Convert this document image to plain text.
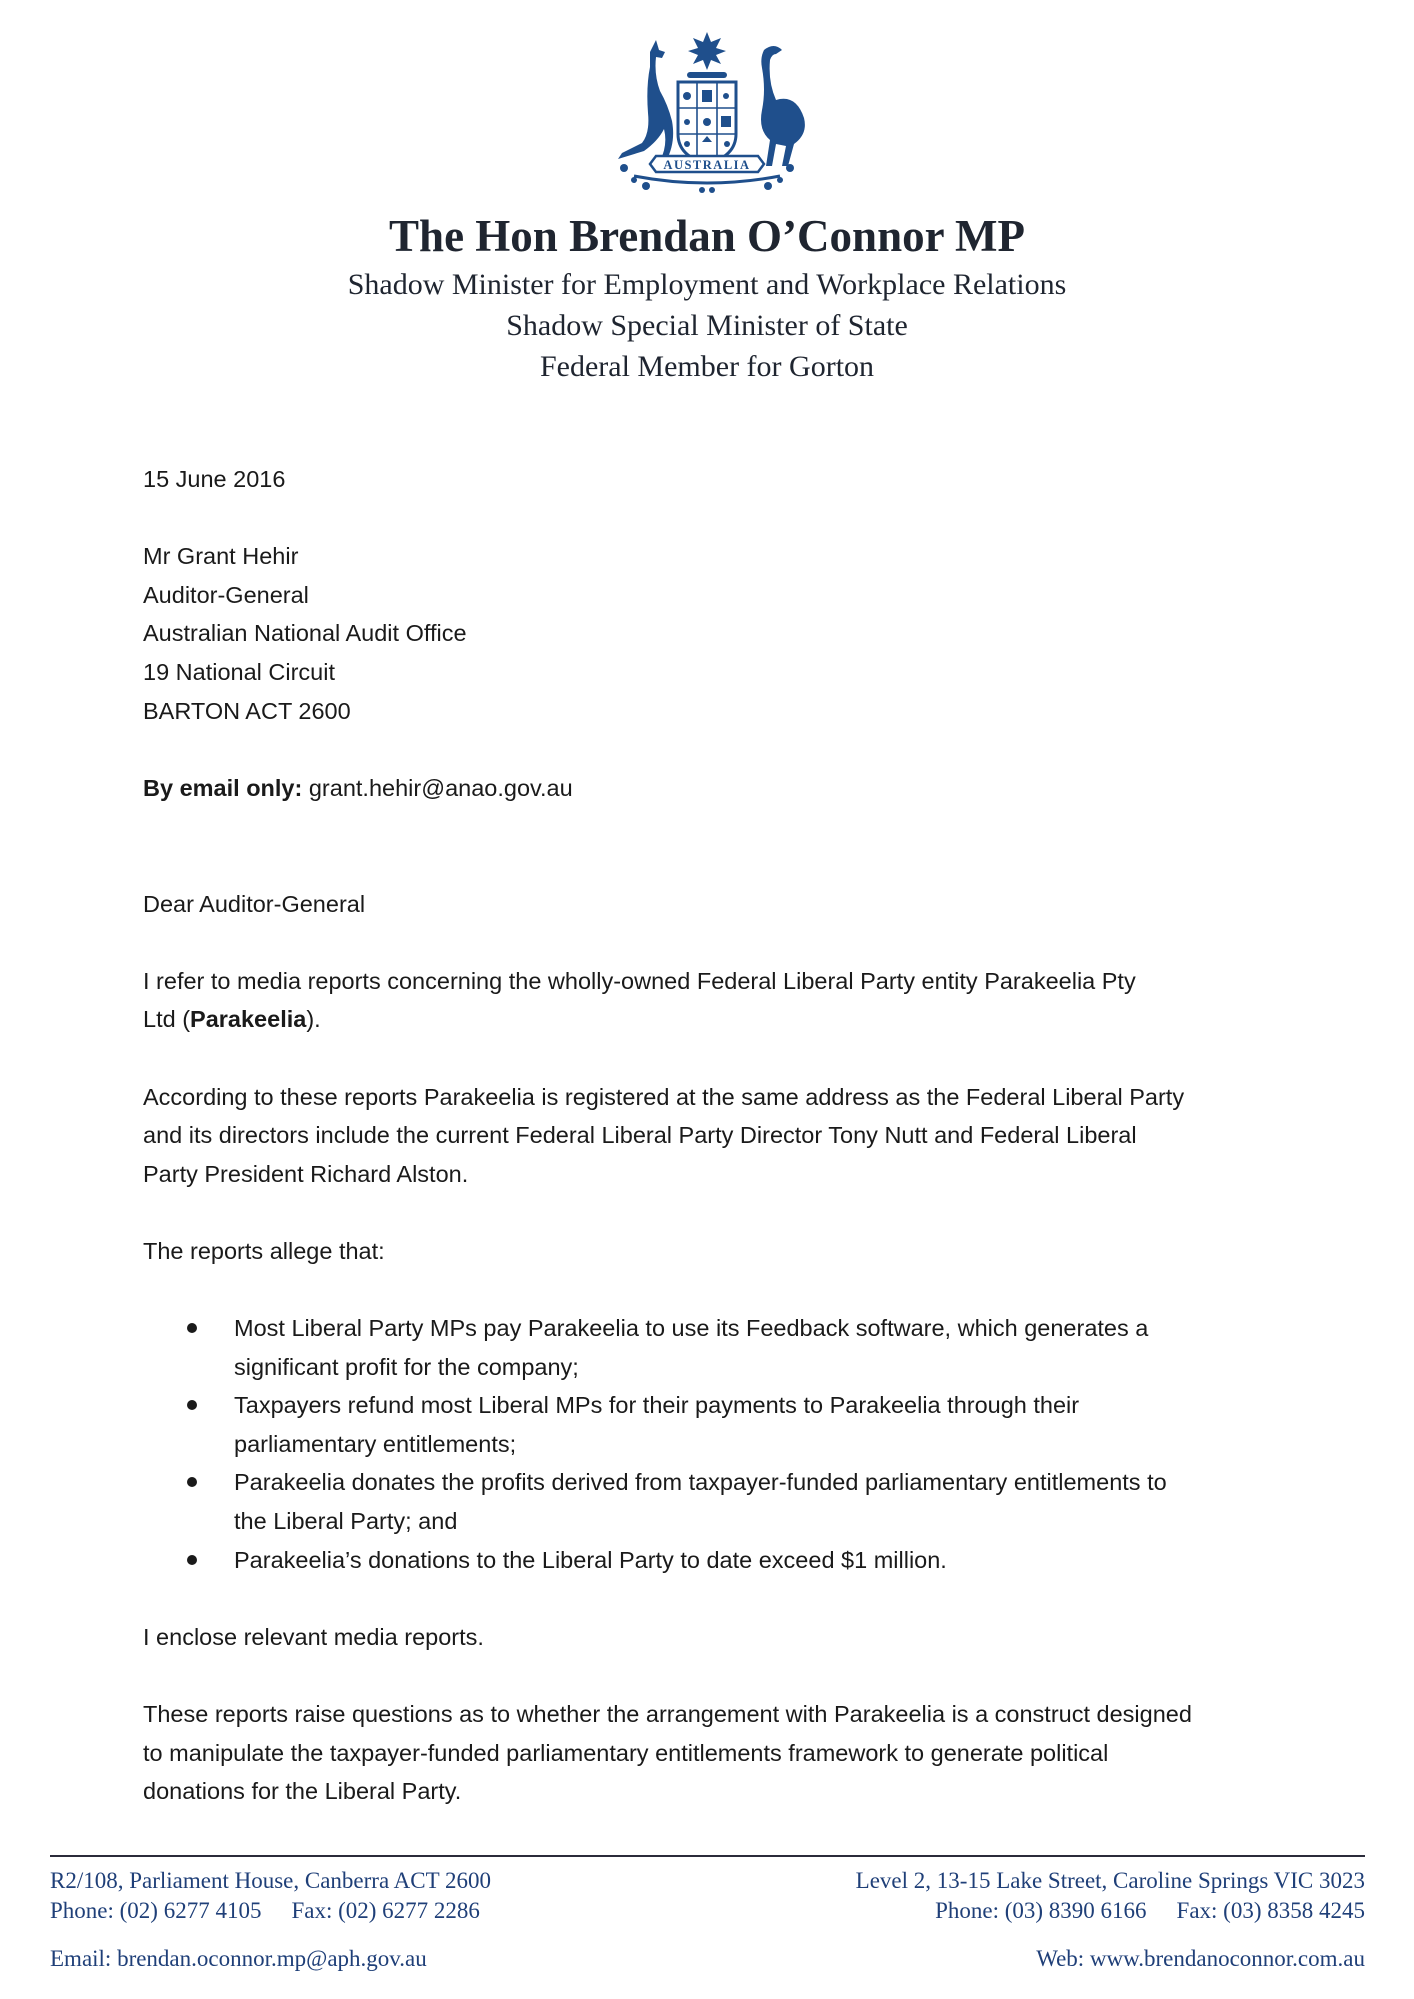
AUSTRALIA

The Hon Brendan O’Connor MP

Shadow Minister for Employment and Workplace Relations

Shadow Special Minister of State

Federal Member for Gorton

15 June 2016

Mr Grant Hehir

Auditor-General

Australian National Audit Office

19 National Circuit

BARTON ACT 2600

By email only: grant.hehir@anao.gov.au

Dear Auditor-General

I refer to media reports concerning the wholly-owned Federal Liberal Party entity Parakeelia Pty

Ltd (Parakeelia).

According to these reports Parakeelia is registered at the same address as the Federal Liberal Party

and its directors include the current Federal Liberal Party Director Tony Nutt and Federal Liberal

Party President Richard Alston.

The reports allege that:

Most Liberal Party MPs pay Parakeelia to use its Feedback software, which generates a
significant profit for the company;
Taxpayers refund most Liberal MPs for their payments to Parakeelia through their
parliamentary entitlements;
Parakeelia donates the profits derived from taxpayer-funded parliamentary entitlements to
the Liberal Party; and
Parakeelia’s donations to the Liberal Party to date exceed $1 million.

I enclose relevant media reports.

These reports raise questions as to whether the arrangement with Parakeelia is a construct designed

to manipulate the taxpayer-funded parliamentary entitlements framework to generate political

donations for the Liberal Party.

R2/108, Parliament House, Canberra ACT 2600	Level 2, 13-15 Lake Street, Caroline Springs VIC 3023
Phone: (02) 6277 4105 Fax: (02) 6277 2286	Phone: (03) 8390 6166 Fax: (03) 8358 4245
Email: brendan.oconnor.mp@aph.gov.au	Web: www.brendanoconnor.com.au
